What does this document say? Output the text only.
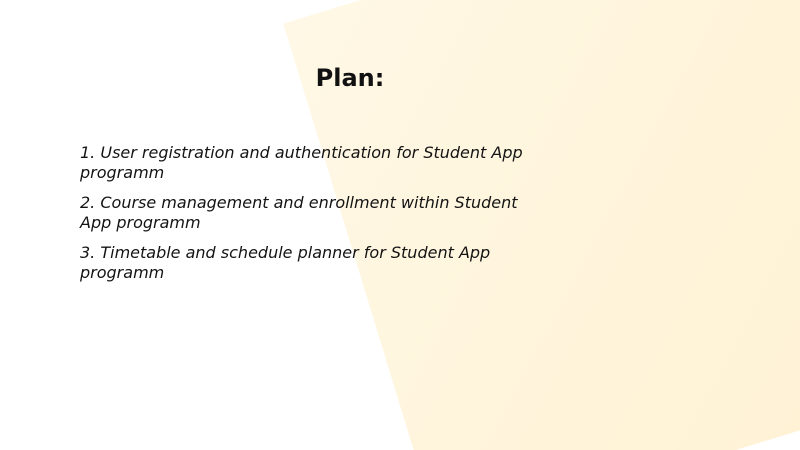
Plan:
1. User registration and authentication for Student App programm
2. Course management and enrollment within Student App programm
3. Timetable and schedule planner for Student App programm
